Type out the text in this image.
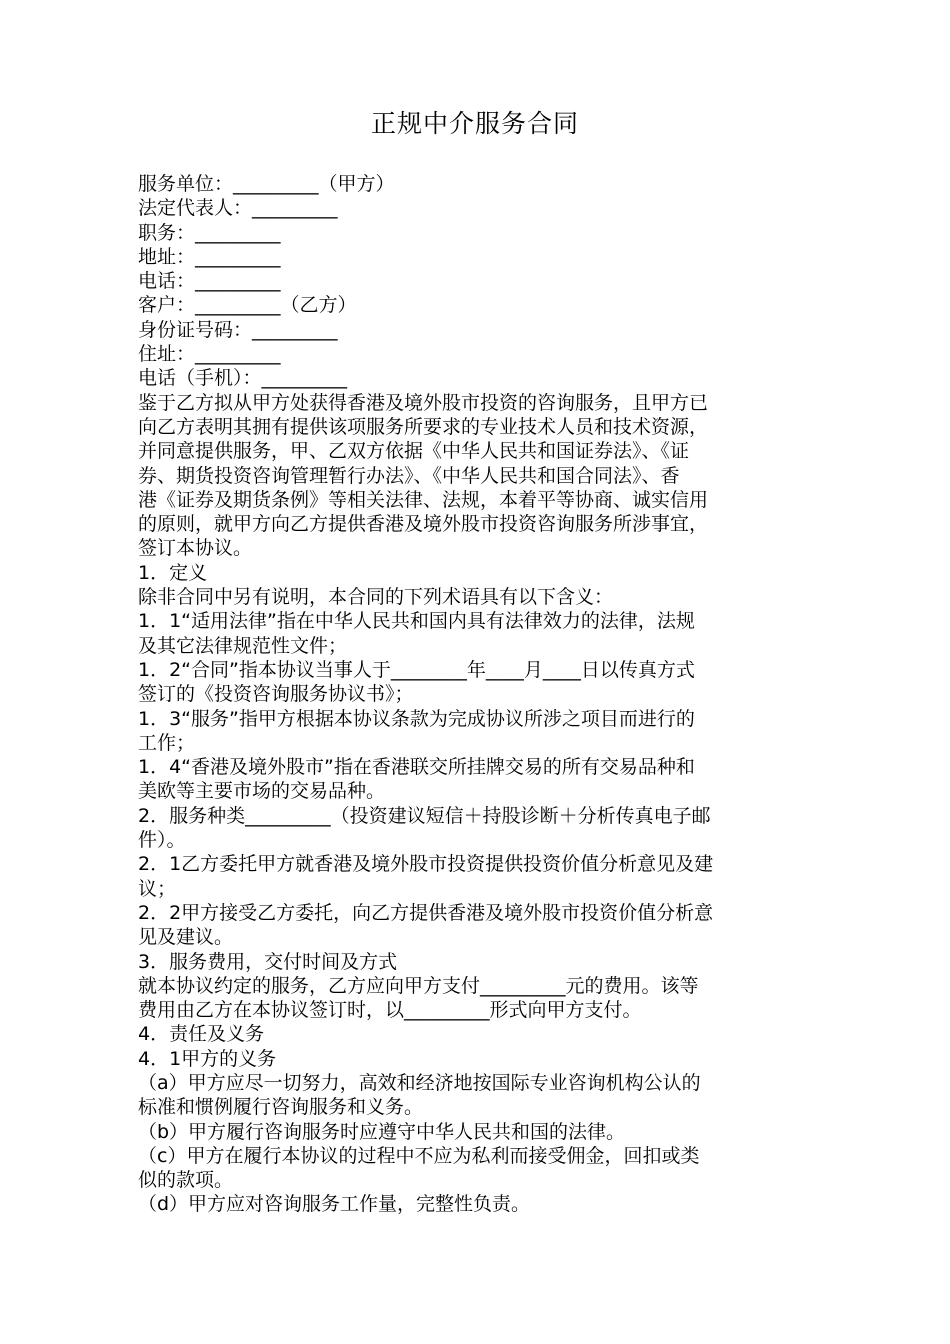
正规中介服务合同
服务单位：_________（甲方）
法定代表人：_________
职务：_________
地址：_________
电话：_________
客户：_________（乙方）
身份证号码：_________
住址：_________
电话（手机）：_________
鉴于乙方拟从甲方处获得香港及境外股市投资的咨询服务，且甲方已
向乙方表明其拥有提供该项服务所要求的专业技术人员和技术资源，
并同意提供服务，甲、乙双方依据《中华人民共和国证券法》、《证
券、期货投资咨询管理暂行办法》、《中华人民共和国合同法》、香
港《证券及期货条例》等相关法律、法规，本着平等协商、诚实信用
的原则，就甲方向乙方提供香港及境外股市投资咨询服务所涉事宜，
签订本协议。
1．定义
除非合同中另有说明，本合同的下列术语具有以下含义：
1．1“适用法律”指在中华人民共和国内具有法律效力的法律，法规
及其它法律规范性文件；
1．2“合同”指本协议当事人于________年____月____日以传真方式
签订的《投资咨询服务协议书》；
1．3“服务”指甲方根据本协议条款为完成协议所涉之项目而进行的
工作；
1．4“香港及境外股市”指在香港联交所挂牌交易的所有交易品种和
美欧等主要市场的交易品种。
2．服务种类_________（投资建议短信＋持股诊断＋分析传真电子邮
件）。
2．1乙方委托甲方就香港及境外股市投资提供投资价值分析意见及建
议；
2．2甲方接受乙方委托，向乙方提供香港及境外股市投资价值分析意
见及建议。
3．服务费用，交付时间及方式
就本协议约定的服务，乙方应向甲方支付_________元的费用。该等
费用由乙方在本协议签订时，以_________形式向甲方支付。
4．责任及义务
4．1甲方的义务
（a）甲方应尽一切努力，高效和经济地按国际专业咨询机构公认的
标准和惯例履行咨询服务和义务。
（b）甲方履行咨询服务时应遵守中华人民共和国的法律。
（c）甲方在履行本协议的过程中不应为私利而接受佣金，回扣或类
似的款项。
（d）甲方应对咨询服务工作量，完整性负责。
